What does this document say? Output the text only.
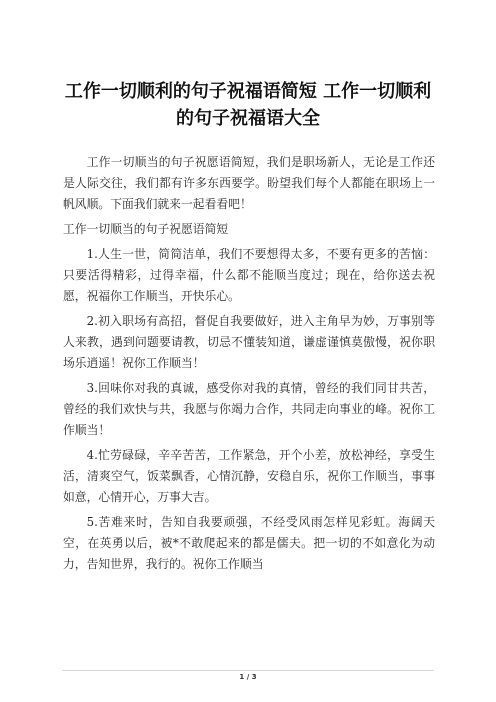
工作一切顺利的句子祝福语简短 工作一切顺利的句子祝福语大全

工作一切顺当的句子祝愿语简短，我们是职场新人，无论是工作还是人际交往，我们都有许多东西要学。盼望我们每个人都能在职场上一帆风顺。下面我们就来一起看看吧！

工作一切顺当的句子祝愿语简短

1.人生一世，简简洁单，我们不要想得太多，不要有更多的苦恼：只要活得精彩，过得幸福，什么都不能顺当度过；现在，给你送去祝愿，祝福你工作顺当，开快乐心。

2.初入职场有高招，督促自我要做好，进入主角早为妙，万事别等人来教，遇到问题要请教，切忌不懂装知道，谦虚谨慎莫傲慢，祝你职场乐逍遥！祝你工作顺当！

3.回味你对我的真诚，感受你对我的真情，曾经的我们同甘共苦，曾经的我们欢快与共，我愿与你竭力合作，共同走向事业的峰。祝你工作顺当！

4.忙劳碌碌，辛辛苦苦，工作紧急，开个小差，放松神经，享受生活，清爽空气，饭菜飘香，心情沉静，安稳自乐，祝你工作顺当，事事如意，心情开心，万事大吉。

5.苦难来时，告知自我要顽强，不经受风雨怎样见彩虹。海阔天空，在英勇以后，被*不敢爬起来的都是儒夫。把一切的不如意化为动力，告知世界，我行的。祝你工作顺当

1 / 3
